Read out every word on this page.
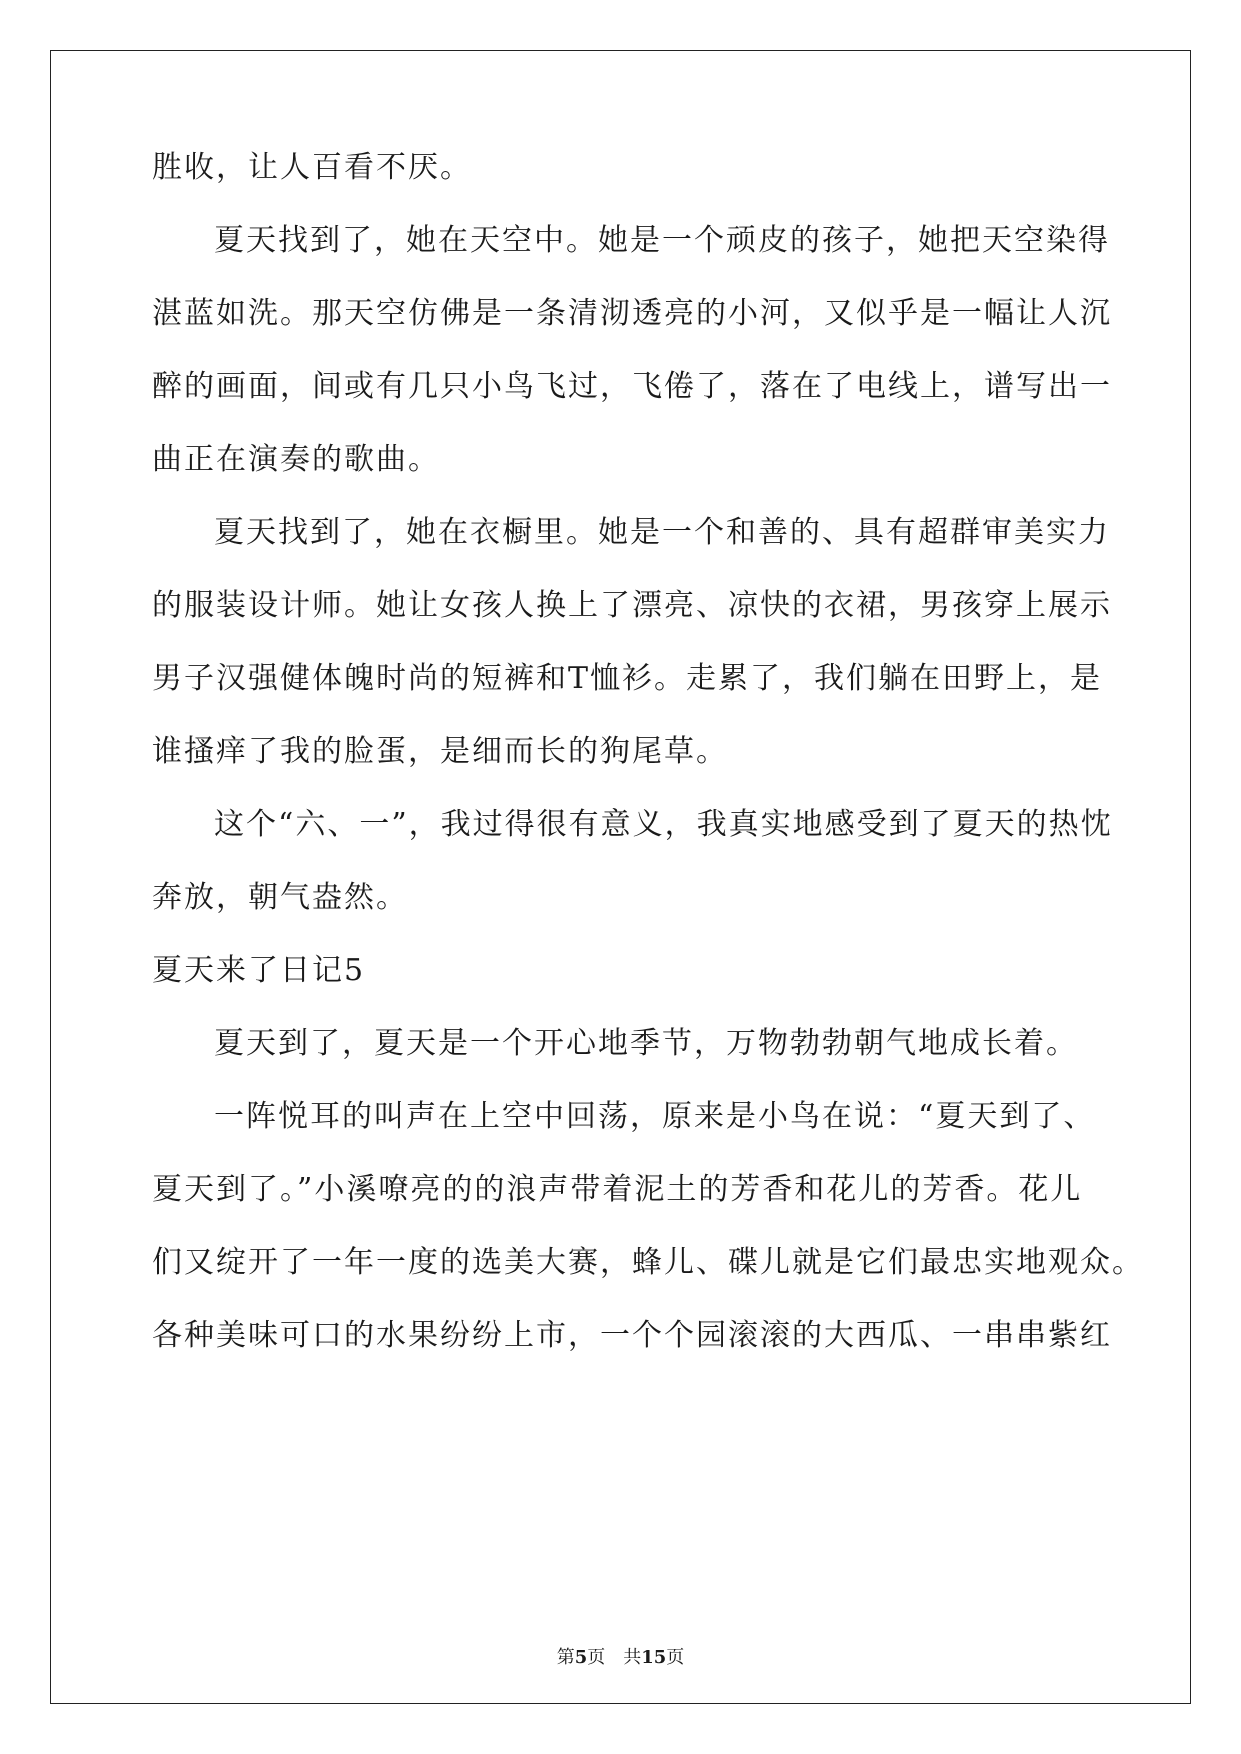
胜收，让人百看不厌。
夏天找到了，她在天空中。她是一个顽皮的孩子，她把天空染得
湛蓝如洗。那天空仿佛是一条清沏透亮的小河，又似乎是一幅让人沉
醉的画面，间或有几只小鸟飞过，飞倦了，落在了电线上，谱写出一
曲正在演奏的歌曲。
夏天找到了，她在衣橱里。她是一个和善的、具有超群审美实力
的服装设计师。她让女孩人换上了漂亮、凉快的衣裙，男孩穿上展示
男子汉强健体魄时尚的短裤和T恤衫。走累了，我们躺在田野上，是
谁搔痒了我的脸蛋，是细而长的狗尾草。
这个“六、一”，我过得很有意义，我真实地感受到了夏天的热忱
奔放，朝气盎然。
夏天来了日记5
夏天到了，夏天是一个开心地季节，万物勃勃朝气地成长着。
一阵悦耳的叫声在上空中回荡，原来是小鸟在说：“夏天到了、
夏天到了。”小溪嘹亮的的浪声带着泥土的芳香和花儿的芳香。花儿
们又绽开了一年一度的选美大赛，蜂儿、碟儿就是它们最忠实地观众。
各种美味可口的水果纷纷上市，一个个园滚滚的大西瓜、一串串紫红
第5页　共15页
